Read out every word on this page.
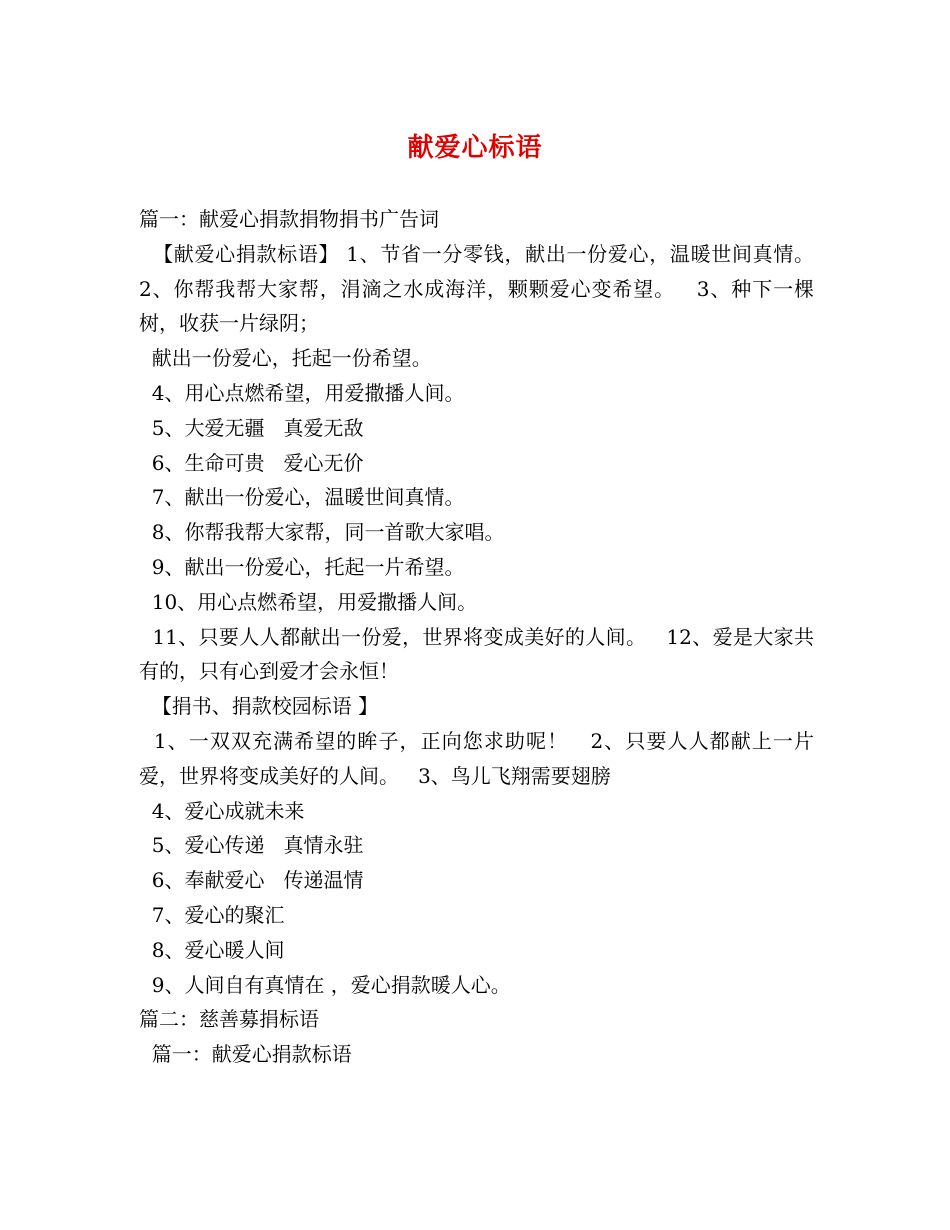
献爱心标语

篇一：献爱心捐款捐物捐书广告词

【献爱心捐款标语】 1、节省一分零钱，献出一份爱心，温暖世间真情。   2、你帮我帮大家帮，涓滴之水成海洋，颗颗爱心变希望。   3、种下一棵树，收获一片绿阴；

献出一份爱心，托起一份希望。

4、用心点燃希望，用爱撒播人间。

5、大爱无疆   真爱无敌

6、生命可贵   爱心无价

7、献出一份爱心，温暖世间真情。

8、你帮我帮大家帮，同一首歌大家唱。

9、献出一份爱心，托起一片希望。

10、用心点燃希望，用爱撒播人间。

11、只要人人都献出一份爱，世界将变成美好的人间。   12、爱是大家共有的，只有心到爱才会永恒！

【捐书、捐款校园标语 】

1、一双双充满希望的眸子，正向您求助呢！   2、只要人人都献上一片爱，世界将变成美好的人间。   3、鸟儿飞翔需要翅膀

4、爱心成就未来

5、爱心传递   真情永驻

6、奉献爱心   传递温情

7、爱心的聚汇

8、爱心暖人间

9、人间自有真情在 ，爱心捐款暖人心。

篇二：慈善募捐标语

篇一：献爱心捐款标语
